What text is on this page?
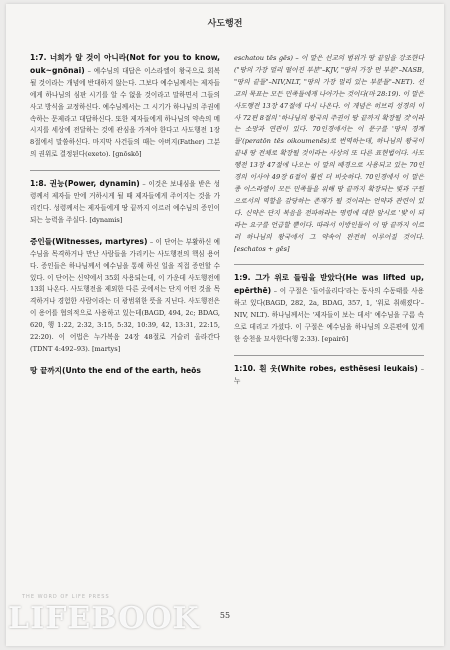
사도행전

1:7. 너희가 알 것이 아니라(Not for you to know, ouk~gnōnai) – 예수님의 대답은 이스라엘이 왕국으로 회복될 것이라는 개념에 반대하지 않는다. 그보다 예수님께서는 제자들에게 하나님의 심판 시기를 알 수 없을 것이라고 말하면서 그들의 사고 방식을 교정하신다. 예수님께서는 그 시기가 하나님의 주권에 속하는 문제라고 대답하신다. 또한 제자들에게 하나님의 약속의 메시지를 세상에 전달하는 것에 관심을 가져야 한다고 사도행전 1장 8절에서 말씀하신다. 마지막 사건들의 때는 아버지(Father) 그분의 권위로 결정된다(exeto). [gnōskō]

1:8. 권능(Power, dynamin) – 이것은 보내심을 받은 성령께서 제자들 안에 거하시게 될 때 제자들에게 주어지는 것을 가리킨다. 성령께서는 제자들에게 땅 끝까지 이르러 예수님의 증인이 되는 능력을 주실다. [dynamis]

증인들(Witnesses, martyres) – 이 단어는 부활하신 예수님을 목격하거나 만난 사람들을 가리키는 사도행전의 핵심 용어다. 증인들은 하나님께서 예수님을 통해 하신 일을 직접 증언할 수 있다. 이 단어는 신약에서 35회 사용되는데, 이 가운데 사도행전에 13회 나온다. 사도행전을 제외한 다른 곳에서는 단지 어떤 것을 목격하거나 경험한 사람이라는 더 광범위한 뜻을 지닌다. 사도행전은 이 용어를 협의적으로 사용하고 있는데(BAGD, 494, 2c; BDAG, 620, 행 1:22, 2:32, 3:15, 5:32, 10:39, 42, 13:31, 22:15, 22:20). 이 어법은 누가복음 24장 48절로 거슬러 올라간다(TDNT 4:492–93). [martys]

땅 끝까지(Unto the end of the earth, heōs

eschatou tēs gēs) – 이 말은 선교의 범위가 땅 끝임을 강조한다("땅의 가장 멀리 떨어진 부분"–KJV, "땅의 가장 먼 부분"–NASB, "땅의 끝들"–NIV,NLT, "땅의 가장 멀리 있는 부분들"–NET). 선교의 목표는 모든 민족들에게 나아가는 것이다(마 28:19). 이 말은 사도행전 13장 47절에 다시 나온다. 이 개념은 히브리 성경의 이사 72편 8절의 '하나님의 왕국의 주권이 땅 끝까지 확장될 것'이라는 소망과 연관이 있다. 70인경에서는 이 문구를 '땅의 경계들'(peratōn tēs oikoumenēs)로 번역하는데, 하나님의 왕국이 끝내 땅 전체로 확장될 것이라는 사상의 또 다른 표현법이다. 사도행전 13장 47절에 나오는 이 말의 배경으로 사용되고 있는 70인경의 이사야 49장 6절이 훨씬 더 비슷하다. 70인경에서 이 말은 종 이스라엘이 모든 민족들을 위해 땅 끝까지 확장되는 빛과 구원으로서의 역할을 감당하는 존재가 될 것이라는 언약과 관련이 있다. 신약은 단지 복음을 전파하라는 명령에 대한 암시로 '빛'이 되라는 요구를 언급할 뿐이다. 따라서 이방인들이 이 땅 끝까지 이르러 하나님의 왕국에서 그 약속이 완전히 이루어질 것이다. [eschatos + gēs]

1:9. 그가 위로 들림을 받았다(He was lifted up, epērthē) – 이 구절은 '들어올리다'라는 동사의 수동태를 사용하고 있다(BAGD, 282, 2a, BDAG, 357, 1, '위로 취해졌다'–NIV, NLT). 하나님께서는 '제자들이 보는 데서' 예수님을 구름 속으로 데리고 가셨다. 이 구절은 예수님을 하나님의 오른편에 있게 한 승천을 묘사한다(행 2:33). [epairō]

1:10. 흰 옷(White robes, esthēsesi leukais) – 누

55
THE WORD OF LIFE PRESS
LIFEBOOK
